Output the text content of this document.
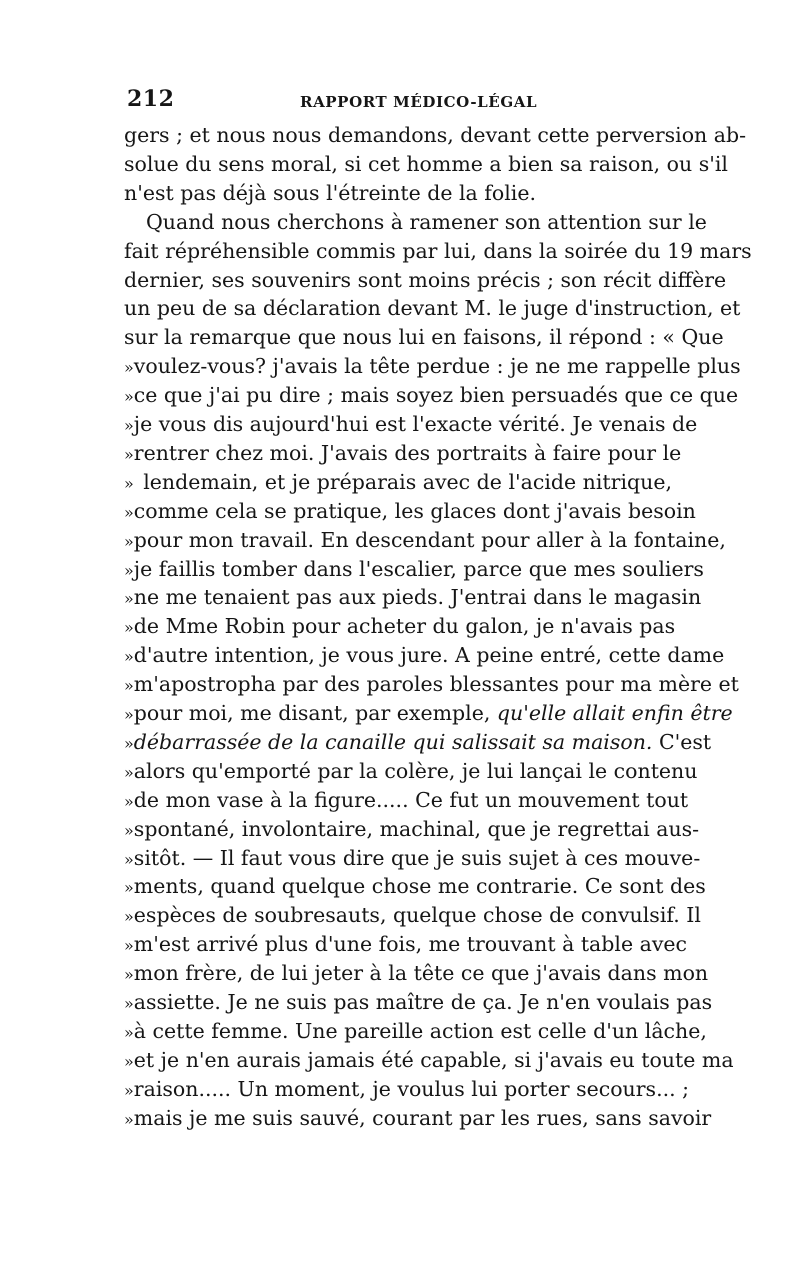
212	RAPPORT MÉDICO-LÉGAL
gers ; et nous nous demandons, devant cette perversion ab-
solue du sens moral, si cet homme a bien sa raison, ou s'il
n'est pas déjà sous l'étreinte de la folie.
Quand nous cherchons à ramener son attention sur le
fait répréhensible commis par lui, dans la soirée du 19 mars
dernier, ses souvenirs sont moins précis ; son récit diffère
un peu de sa déclaration devant M. le juge d'instruction, et
sur la remarque que nous lui en faisons, il répond : « Que
» voulez-vous? j'avais la tête perdue : je ne me rappelle plus
» ce que j'ai pu dire ; mais soyez bien persuadés que ce que
» je vous dis aujourd'hui est l'exacte vérité. Je venais de
» rentrer chez moi. J'avais des portraits à faire pour le
» lendemain, et je préparais avec de l'acide nitrique,
» comme cela se pratique, les glaces dont j'avais besoin
» pour mon travail. En descendant pour aller à la fontaine,
» je faillis tomber dans l'escalier, parce que mes souliers
» ne me tenaient pas aux pieds. J'entrai dans le magasin
» de Mme Robin pour acheter du galon, je n'avais pas
» d'autre intention, je vous jure. A peine entré, cette dame
» m'apostropha par des paroles blessantes pour ma mère et
» pour moi, me disant, par exemple, qu'elle allait enfin être
» débarrassée de la canaille qui salissait sa maison. C'est
» alors qu'emporté par la colère, je lui lançai le contenu
» de mon vase à la figure..... Ce fut un mouvement tout
» spontané, involontaire, machinal, que je regrettai aus-
» sitôt. — Il faut vous dire que je suis sujet à ces mouve-
» ments, quand quelque chose me contrarie. Ce sont des
» espèces de soubresauts, quelque chose de convulsif. Il
» m'est arrivé plus d'une fois, me trouvant à table avec
» mon frère, de lui jeter à la tête ce que j'avais dans mon
» assiette. Je ne suis pas maître de ça. Je n'en voulais pas
» à cette femme. Une pareille action est celle d'un lâche,
» et je n'en aurais jamais été capable, si j'avais eu toute ma
» raison..... Un moment, je voulus lui porter secours... ;
» mais je me suis sauvé, courant par les rues, sans savoir
